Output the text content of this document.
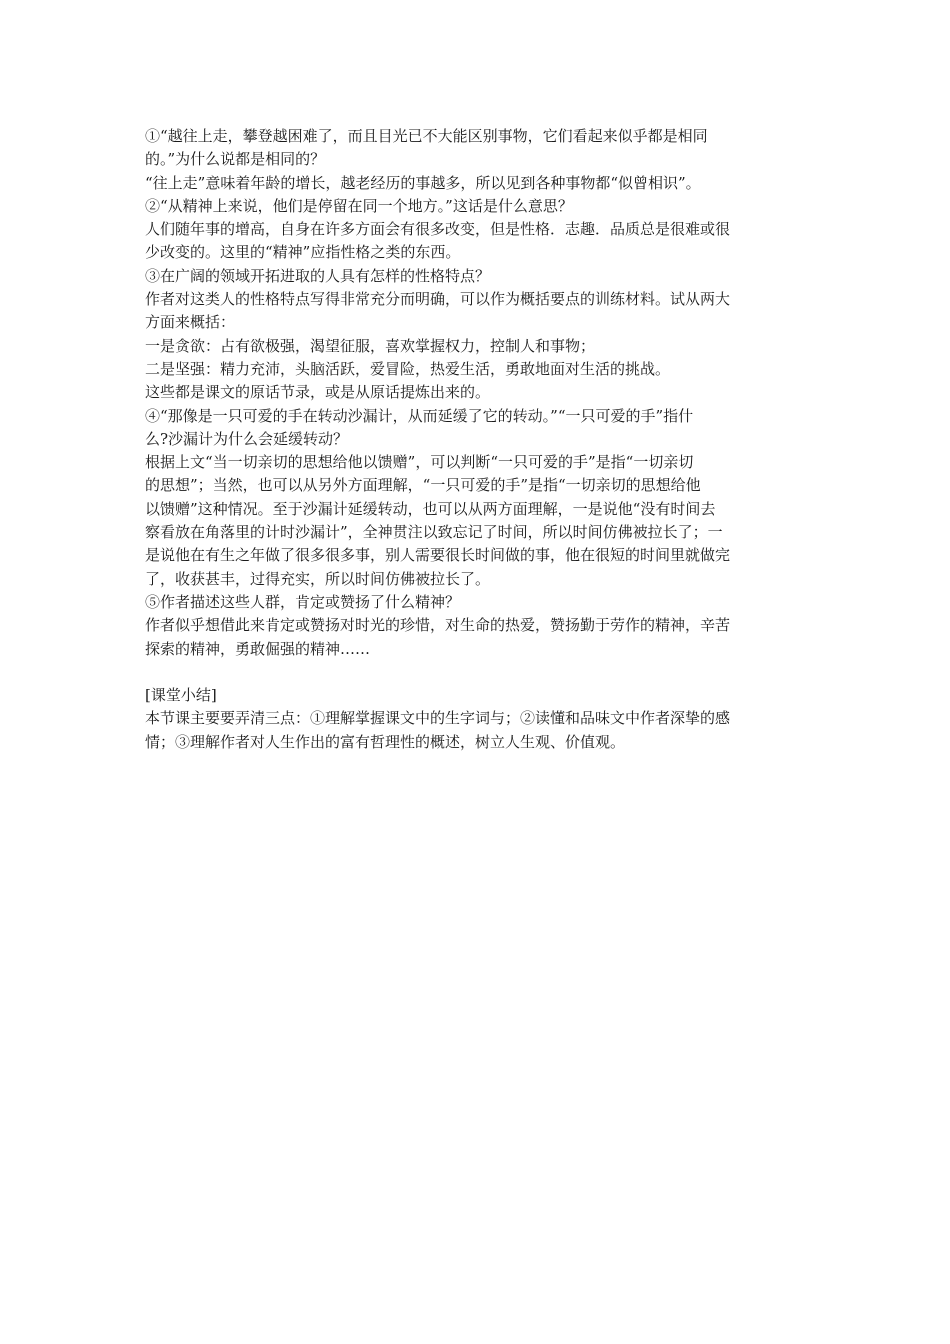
①“越往上走，攀登越困难了，而且目光已不大能区别事物，它们看起来似乎都是相同
的。”为什么说都是相同的？
“往上走”意味着年龄的增长，越老经历的事越多，所以见到各种事物都“似曾相识”。
②“从精神上来说，他们是停留在同一个地方。”这话是什么意思？
人们随年事的增高，自身在许多方面会有很多改变，但是性格．志趣．品质总是很难或很
少改变的。这里的“精神”应指性格之类的东西。
③在广阔的领域开拓进取的人具有怎样的性格特点？
作者对这类人的性格特点写得非常充分而明确，可以作为概括要点的训练材料。试从两大
方面来概括：
一是贪欲：占有欲极强，渴望征服，喜欢掌握权力，控制人和事物；
二是坚强：精力充沛，头脑活跃，爱冒险，热爱生活，勇敢地面对生活的挑战。
这些都是课文的原话节录，或是从原话提炼出来的。
④“那像是一只可爱的手在转动沙漏计，从而延缓了它的转动。”“一只可爱的手”指什
么?沙漏计为什么会延缓转动？
根据上文“当一切亲切的思想给他以馈赠”，可以判断“一只可爱的手”是指“一切亲切
的思想”；当然，也可以从另外方面理解，“一只可爱的手”是指“一切亲切的思想给他
以馈赠”这种情况。至于沙漏计延缓转动，也可以从两方面理解，一是说他“没有时间去
察看放在角落里的计时沙漏计”，全神贯注以致忘记了时间，所以时间仿佛被拉长了；一
是说他在有生之年做了很多很多事，别人需要很长时间做的事，他在很短的时间里就做完
了，收获甚丰，过得充实，所以时间仿佛被拉长了。
⑤作者描述这些人群，肯定或赞扬了什么精神？
作者似乎想借此来肯定或赞扬对时光的珍惜，对生命的热爱，赞扬勤于劳作的精神，辛苦
探索的精神，勇敢倔强的精神……
[课堂小结]
本节课主要要弄清三点：①理解掌握课文中的生字词与；②读懂和品味文中作者深挚的感
情；③理解作者对人生作出的富有哲理性的概述，树立人生观、价值观。
